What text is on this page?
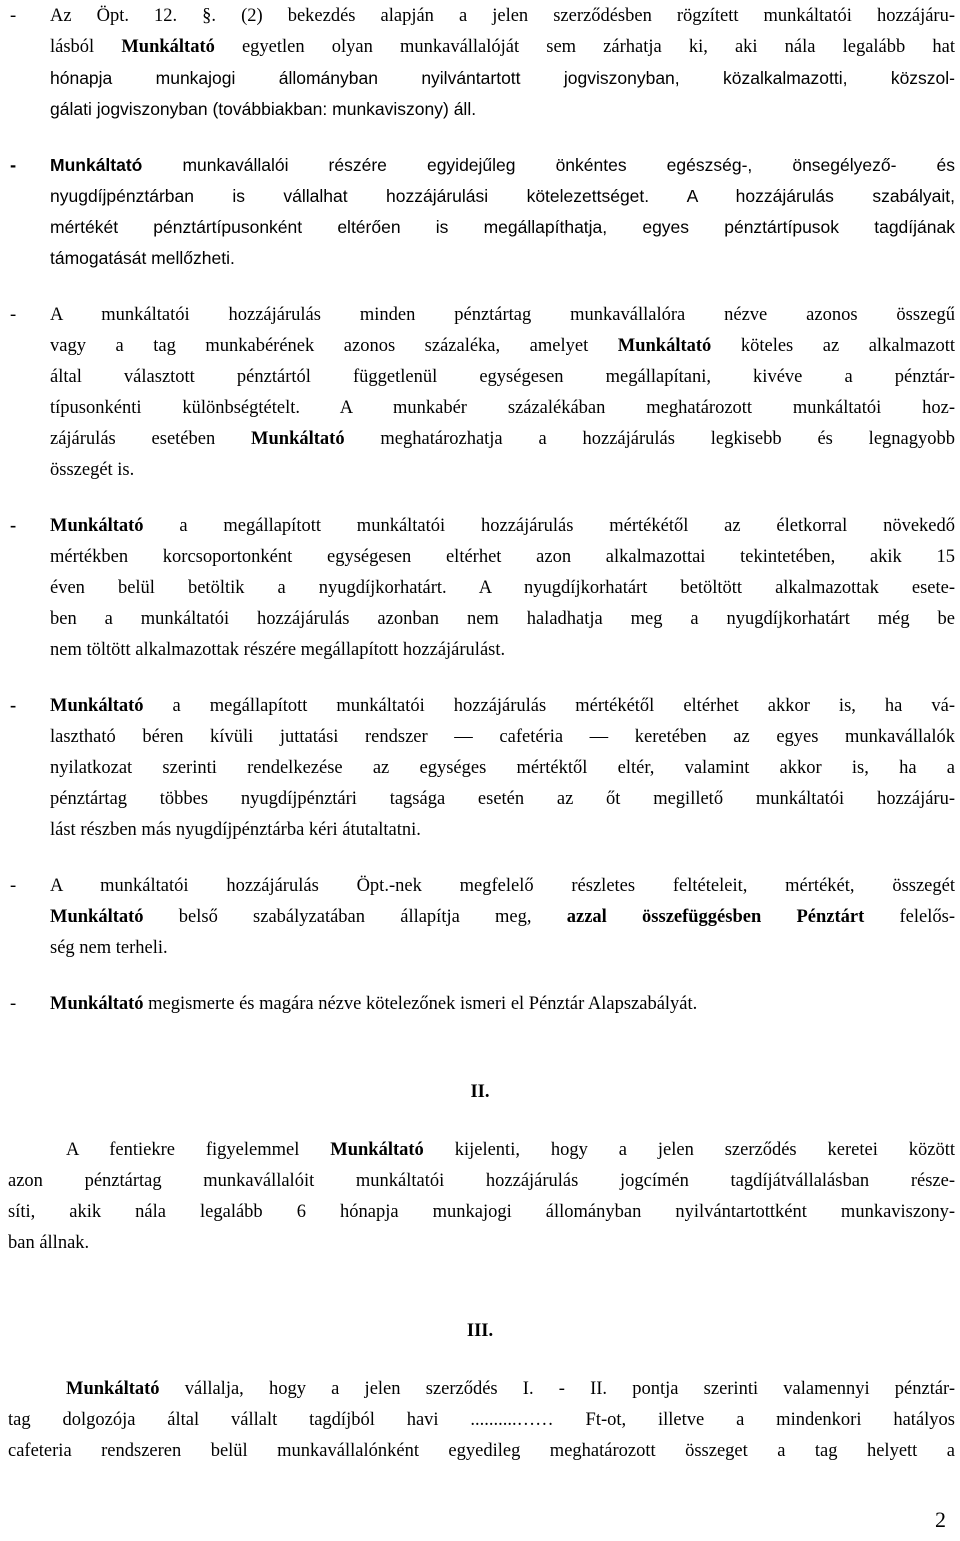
- Az Öpt. 12. §. (2) bekezdés alapján a jelen szerződésben rögzített munkáltatói hozzájáru-
lásból Munkáltató egyetlen olyan munkavállalóját sem zárhatja ki, aki nála legalább hat
hónapja munkajogi állományban nyilvántartott jogviszonyban, közalkalmazotti, közszol-
gálati jogviszonyban (továbbiakban: munkaviszony) áll.
- Munkáltató munkavállalói részére egyidejűleg önkéntes egészség-, önsegélyező- és
nyugdíjpénztárban is vállalhat hozzájárulási kötelezettséget. A hozzájárulás szabályait,
mértékét pénztártípusonként eltérően is megállapíthatja, egyes pénztártípusok tagdíjának
támogatását mellőzheti.
- A munkáltatói hozzájárulás minden pénztártag munkavállalóra nézve azonos összegű
vagy a tag munkabérének azonos százaléka, amelyet Munkáltató köteles az alkalmazott
által választott pénztártól függetlenül egységesen megállapítani, kivéve a pénztár-
típusonkénti különbségtételt. A munkabér százalékában meghatározott munkáltatói hoz-
zájárulás esetében Munkáltató meghatározhatja a hozzájárulás legkisebb és legnagyobb
összegét is.
- Munkáltató a megállapított munkáltatói hozzájárulás mértékétől az életkorral növekedő
mértékben korcsoportonként egységesen eltérhet azon alkalmazottai tekintetében, akik 15
éven belül betöltik a nyugdíjkorhatárt. A nyugdíjkorhatárt betöltött alkalmazottak esete-
ben a munkáltatói hozzájárulás azonban nem haladhatja meg a nyugdíjkorhatárt még be
nem töltött alkalmazottak részére megállapított hozzájárulást.
- Munkáltató a megállapított munkáltatói hozzájárulás mértékétől eltérhet akkor is, ha vá-
lasztható béren kívüli juttatási rendszer — cafetéria — keretében az egyes munkavállalók
nyilatkozat szerinti rendelkezése az egységes mértéktől eltér, valamint akkor is, ha a
pénztártag többes nyugdíjpénztári tagsága esetén az őt megillető munkáltatói hozzájáru-
lást részben más nyugdíjpénztárba kéri átutaltatni.
- A munkáltatói hozzájárulás Öpt.-nek megfelelő részletes feltételeit, mértékét, összegét
Munkáltató belső szabályzatában állapítja meg, azzal összefüggésben Pénztárt felelős-
ség nem terheli.
- Munkáltató megismerte és magára nézve kötelezőnek ismeri el Pénztár Alapszabályát.
II.
A fentiekre figyelemmel Munkáltató kijelenti, hogy a jelen szerződés keretei között
azon pénztártag munkavállalóit munkáltatói hozzájárulás jogcímén tagdíjátvállalásban része-
síti, akik nála legalább 6 hónapja munkajogi állományban nyilvántartottként munkaviszony-
ban állnak.
III.
Munkáltató vállalja, hogy a jelen szerződés I. - II. pontja szerinti valamennyi pénztár-
tag dolgozója által vállalt tagdíjból havi ..........…… Ft-ot, illetve a mindenkori hatályos
cafeteria rendszeren belül munkavállalónként egyedileg meghatározott összeget a tag helyett a
2
